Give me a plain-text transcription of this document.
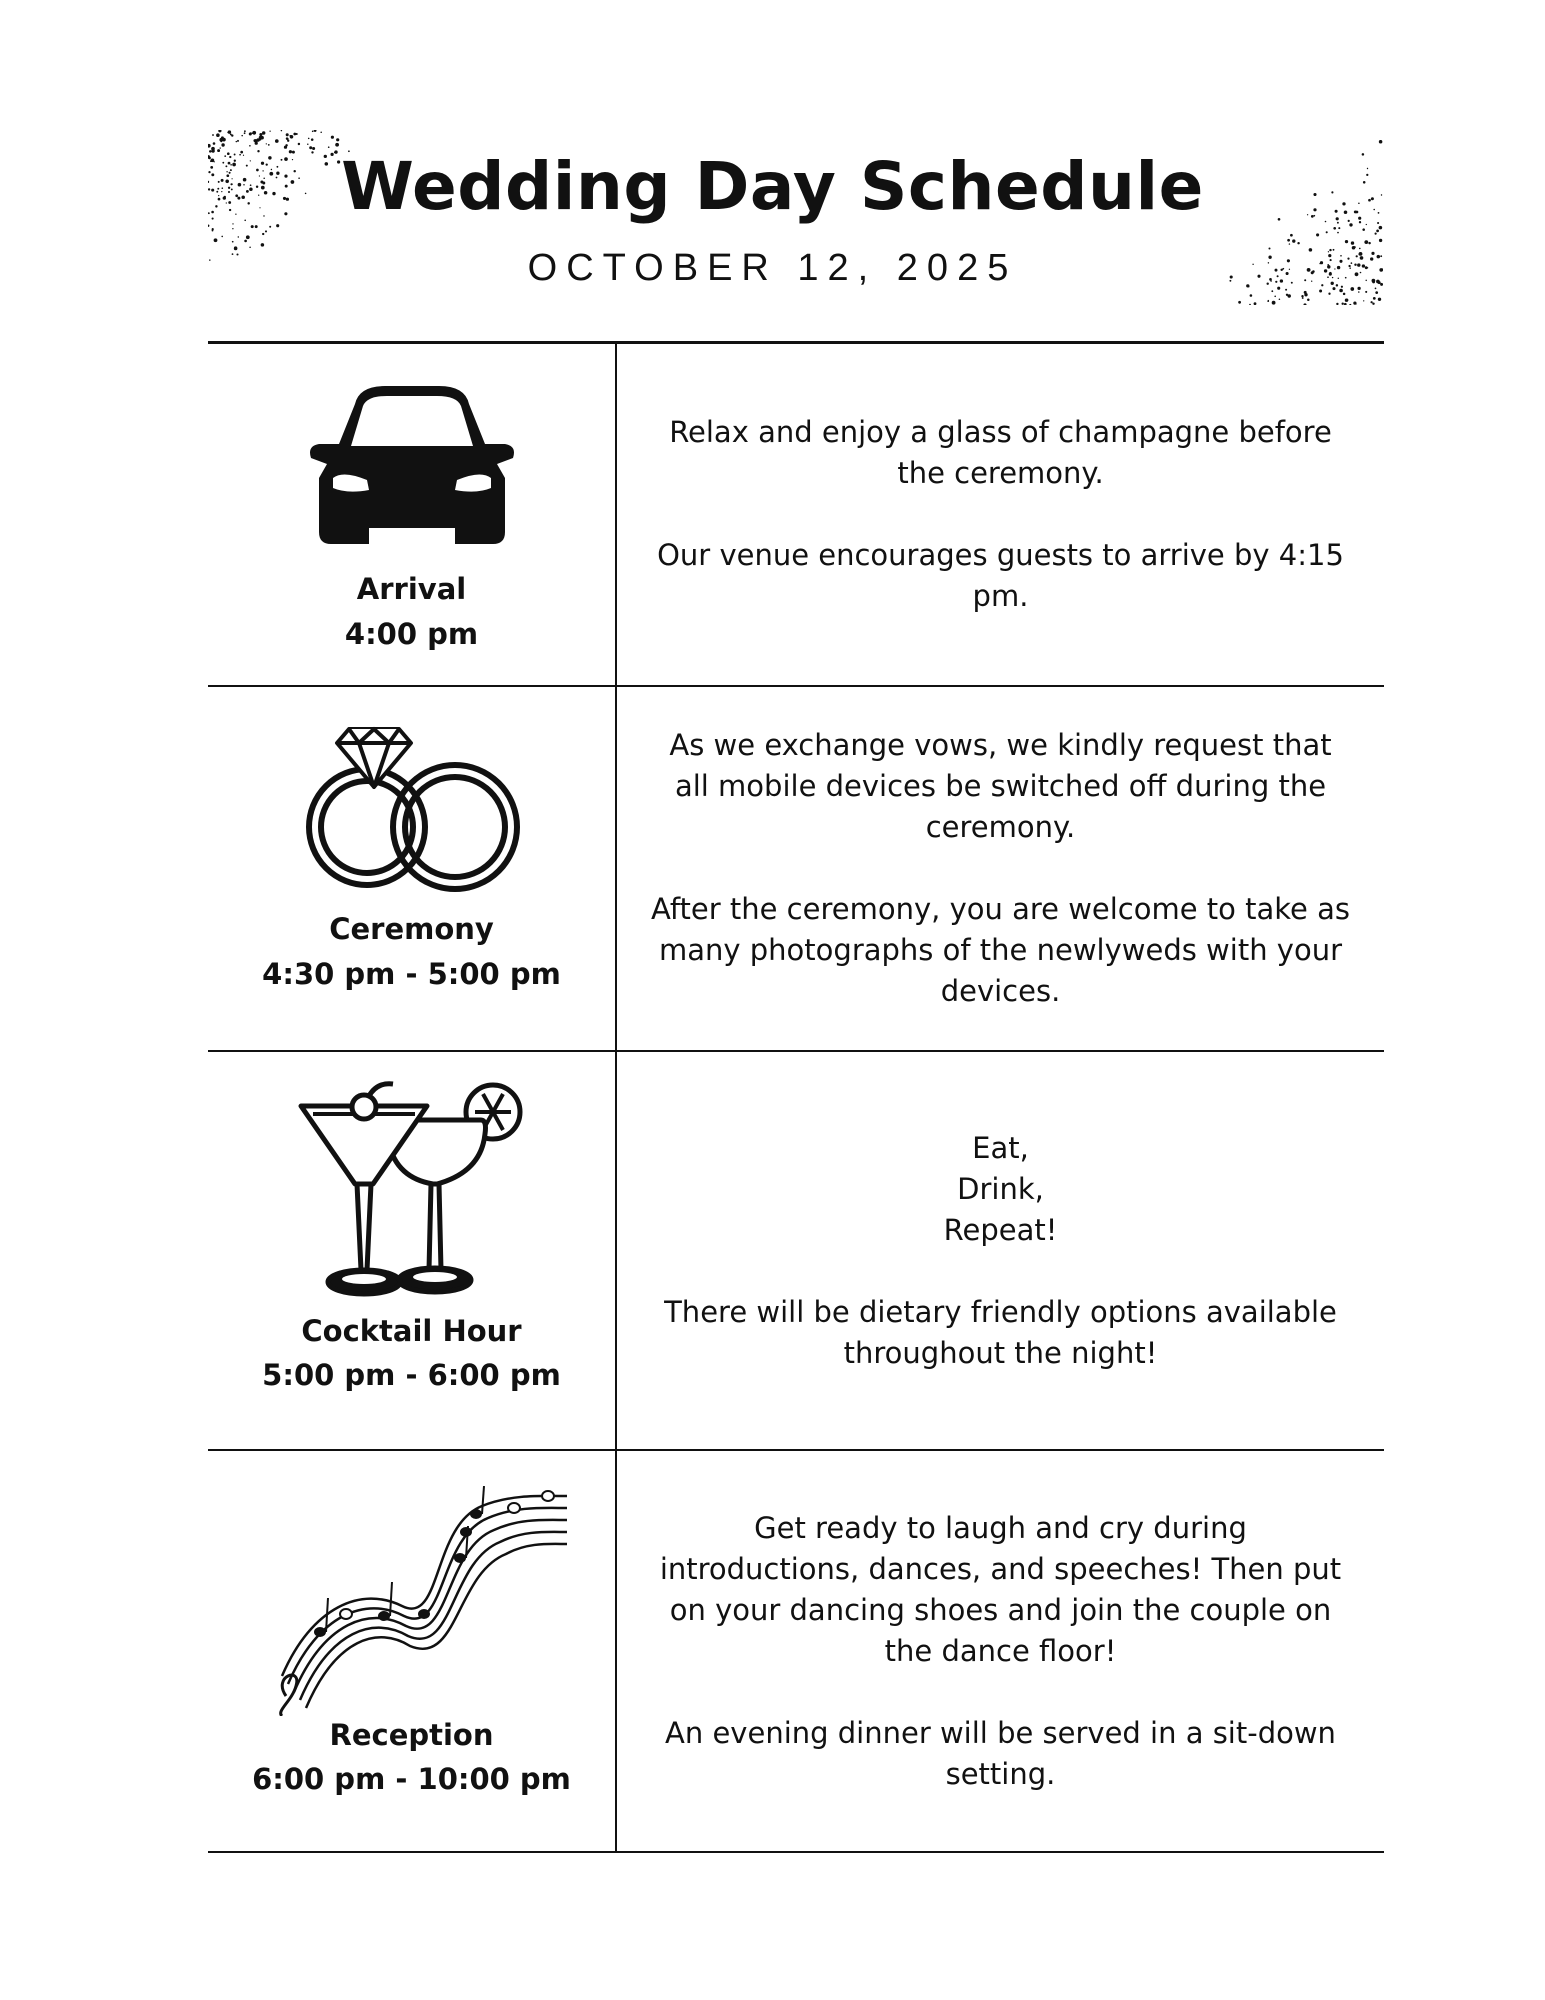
Wedding Day Schedule
OCTOBER 12, 2025
Arrival
4:00 pm

Relax and enjoy a glass of champagne before the ceremony.

Our venue encourages guests to arrive by 4:15 pm.

Ceremony
4:30 pm - 5:00 pm

As we exchange vows, we kindly request that all mobile devices be switched off during the ceremony.

After the ceremony, you are welcome to take as many photographs of the newlyweds with your devices.

Cocktail Hour
5:00 pm - 6:00 pm
Eat,
Drink,
Repeat!

There will be dietary friendly options available throughout the night!

Reception
6:00 pm - 10:00 pm

Get ready to laugh and cry during introductions, dances, and speeches! Then put on your dancing shoes and join the couple on the dance floor!

An evening dinner will be served in a sit-down setting.
